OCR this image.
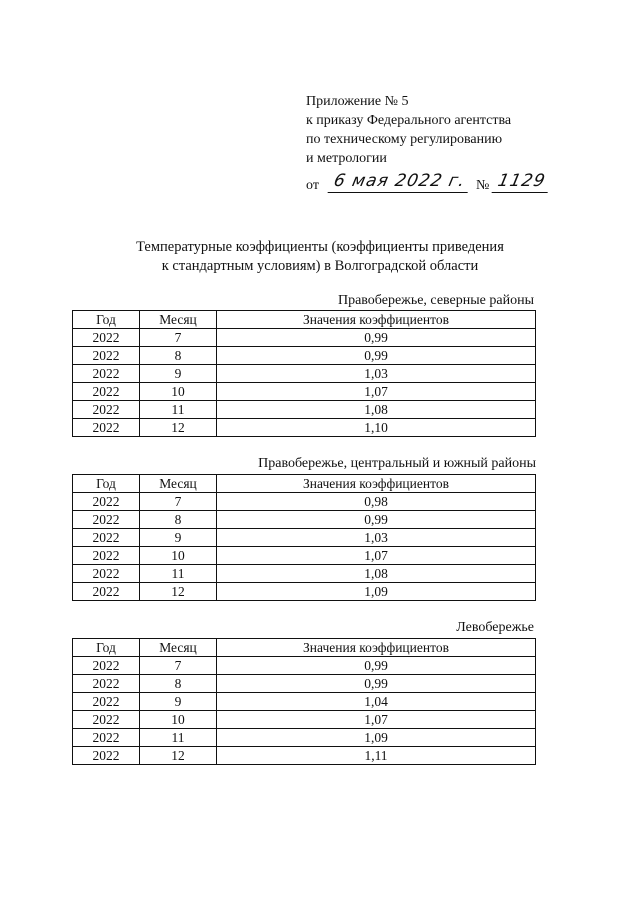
Приложение № 5
к приказу Федерального агентства
по техническому регулированию
и метрологии
от 6 мая 2022 г. № 1129
Температурные коэффициенты (коэффициенты приведения
к стандартным условиям) в Волгоградской области
Правобережье, северные районы
Год	Месяц	Значения коэффициентов
2022	7	0,99
2022	8	0,99
2022	9	1,03
2022	10	1,07
2022	11	1,08
2022	12	1,10
Правобережье, центральный и южный районы
Год	Месяц	Значения коэффициентов
2022	7	0,98
2022	8	0,99
2022	9	1,03
2022	10	1,07
2022	11	1,08
2022	12	1,09
Левобережье
Год	Месяц	Значения коэффициентов
2022	7	0,99
2022	8	0,99
2022	9	1,04
2022	10	1,07
2022	11	1,09
2022	12	1,11
